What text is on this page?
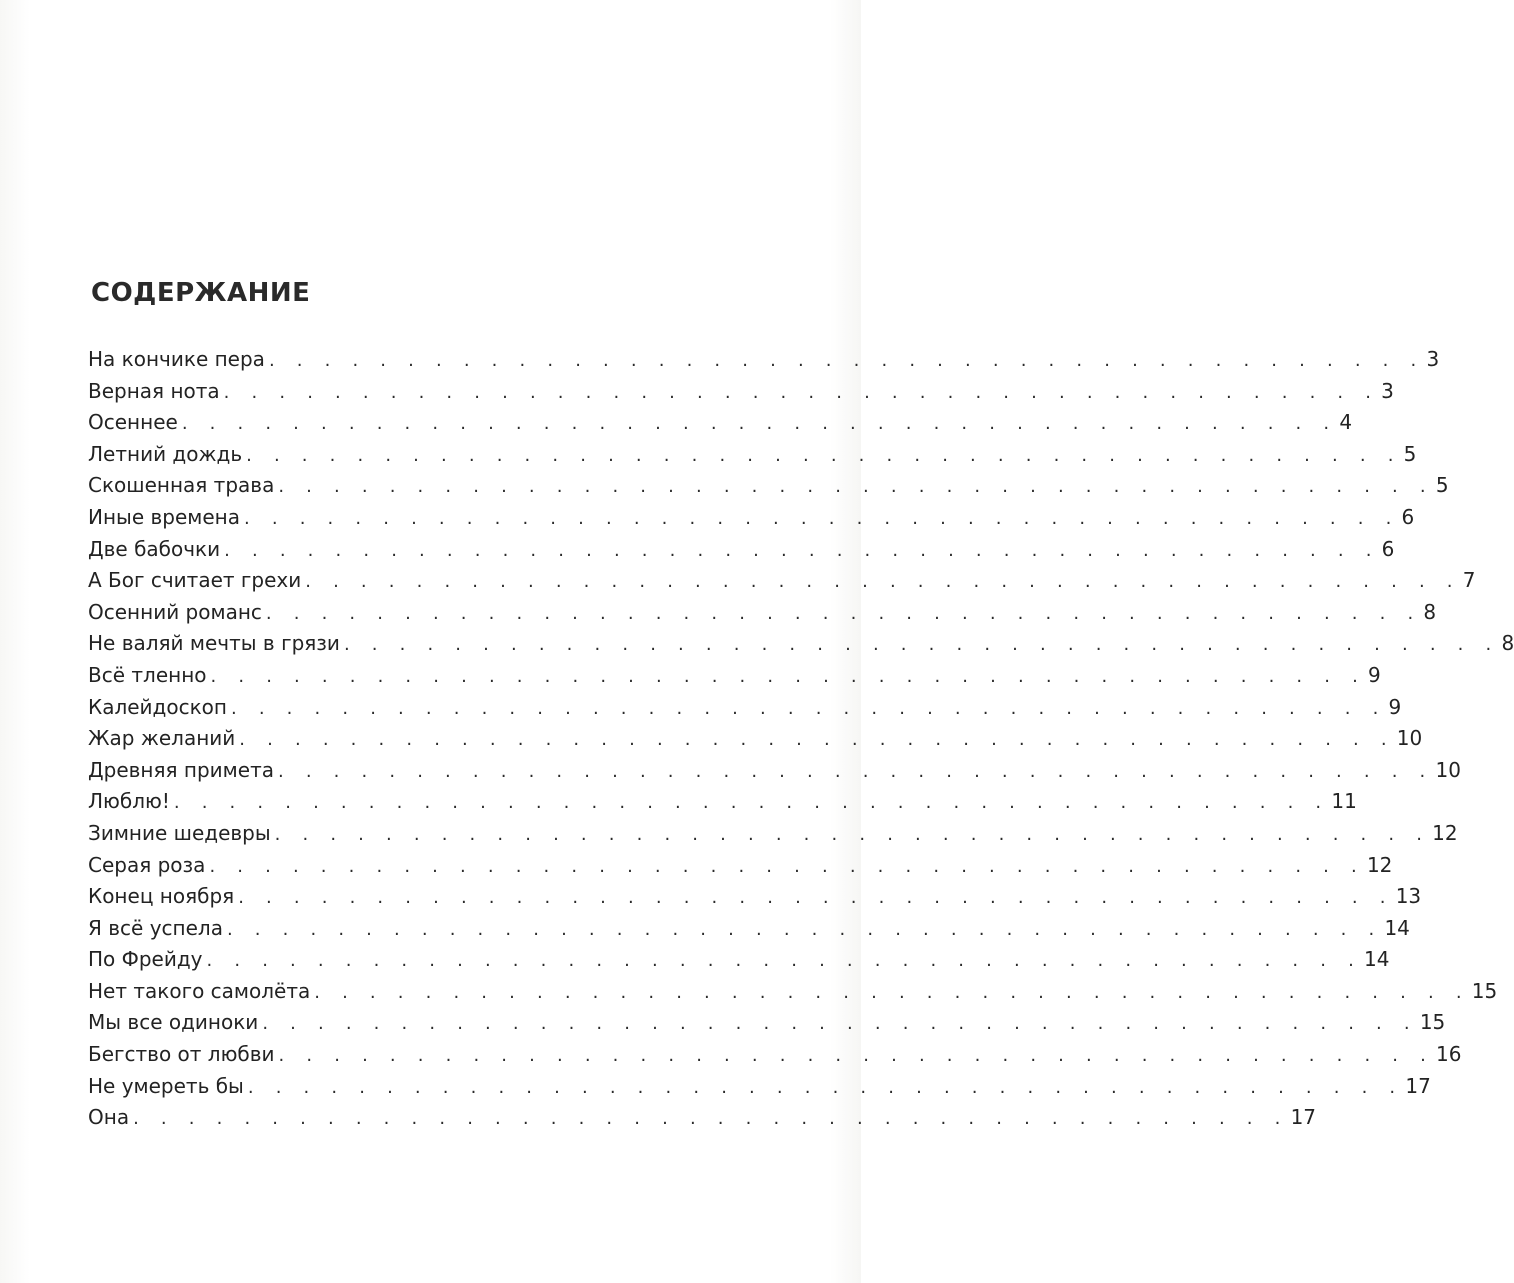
СОДЕРЖАНИЕ
На кончике пера . . . . . . . . . . . . . . . . . . . . . . . . . . . . . . . . . . . . . . . . . . 3
Верная нота . . . . . . . . . . . . . . . . . . . . . . . . . . . . . . . . . . . . . . . . . . 3
Осеннее . . . . . . . . . . . . . . . . . . . . . . . . . . . . . . . . . . . . . . . . . . 4
Летний дождь . . . . . . . . . . . . . . . . . . . . . . . . . . . . . . . . . . . . . . . . . . 5
Скошенная трава . . . . . . . . . . . . . . . . . . . . . . . . . . . . . . . . . . . . . . . . . . 5
Иные времена . . . . . . . . . . . . . . . . . . . . . . . . . . . . . . . . . . . . . . . . . . 6
Две бабочки . . . . . . . . . . . . . . . . . . . . . . . . . . . . . . . . . . . . . . . . . . 6
А Бог считает грехи . . . . . . . . . . . . . . . . . . . . . . . . . . . . . . . . . . . . . . . . . . 7
Осенний романс . . . . . . . . . . . . . . . . . . . . . . . . . . . . . . . . . . . . . . . . . . 8
Не валяй мечты в грязи . . . . . . . . . . . . . . . . . . . . . . . . . . . . . . . . . . . . . . . . . . 8
Всё тленно . . . . . . . . . . . . . . . . . . . . . . . . . . . . . . . . . . . . . . . . . . 9
Калейдоскоп . . . . . . . . . . . . . . . . . . . . . . . . . . . . . . . . . . . . . . . . . . 9
Жар желаний . . . . . . . . . . . . . . . . . . . . . . . . . . . . . . . . . . . . . . . . . . 10
Древняя примета . . . . . . . . . . . . . . . . . . . . . . . . . . . . . . . . . . . . . . . . . . 10
Люблю! . . . . . . . . . . . . . . . . . . . . . . . . . . . . . . . . . . . . . . . . . . 11
Зимние шедевры . . . . . . . . . . . . . . . . . . . . . . . . . . . . . . . . . . . . . . . . . . 12
Серая роза . . . . . . . . . . . . . . . . . . . . . . . . . . . . . . . . . . . . . . . . . . 12
Конец ноября . . . . . . . . . . . . . . . . . . . . . . . . . . . . . . . . . . . . . . . . . . 13
Я всё успела . . . . . . . . . . . . . . . . . . . . . . . . . . . . . . . . . . . . . . . . . . 14
По Фрейду . . . . . . . . . . . . . . . . . . . . . . . . . . . . . . . . . . . . . . . . . . 14
Нет такого самолёта . . . . . . . . . . . . . . . . . . . . . . . . . . . . . . . . . . . . . . . . . . 15
Мы все одиноки . . . . . . . . . . . . . . . . . . . . . . . . . . . . . . . . . . . . . . . . . . 15
Бегство от любви . . . . . . . . . . . . . . . . . . . . . . . . . . . . . . . . . . . . . . . . . . 16
Не умереть бы . . . . . . . . . . . . . . . . . . . . . . . . . . . . . . . . . . . . . . . . . . 17
Она . . . . . . . . . . . . . . . . . . . . . . . . . . . . . . . . . . . . . . . . . . 17
